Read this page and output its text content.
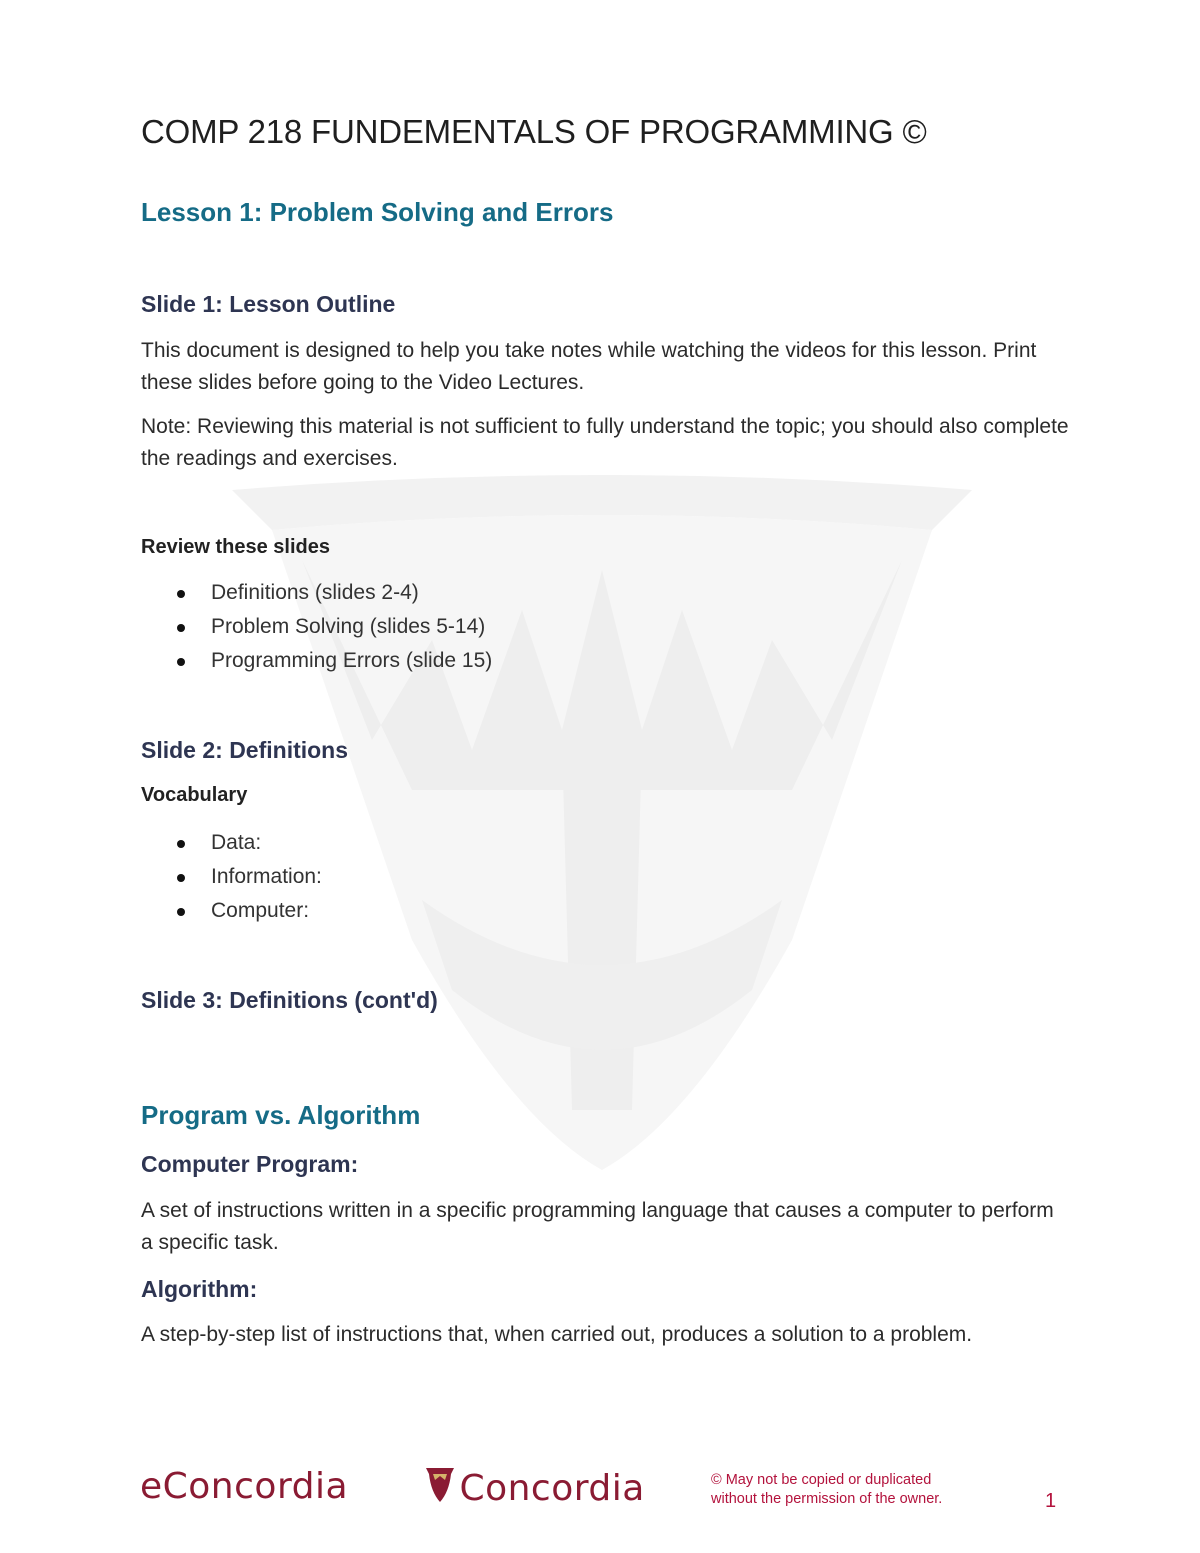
COMP 218 FUNDEMENTALS OF PROGRAMMING ©
Lesson 1: Problem Solving and Errors
Slide 1: Lesson Outline

This document is designed to help you take notes while watching the videos for this lesson. Print these slides before going to the Video Lectures.

Note: Reviewing this material is not sufficient to fully understand the topic; you should also complete the readings and exercises.

Review these slides
Definitions (slides 2-4)
Problem Solving (slides 5-14)
Programming Errors (slide 15)
Slide 2: Definitions
Vocabulary
Data:
Information:
Computer:
Slide 3: Definitions (cont'd)
Program vs. Algorithm
Computer Program:

A set of instructions written in a specific programming language that causes a computer to perform a specific task.

Algorithm:

A step-by-step list of instructions that, when carried out, produces a solution to a problem.

eConcordia	Concordia	© May not be copied or duplicated
without the permission of the owner.	1
